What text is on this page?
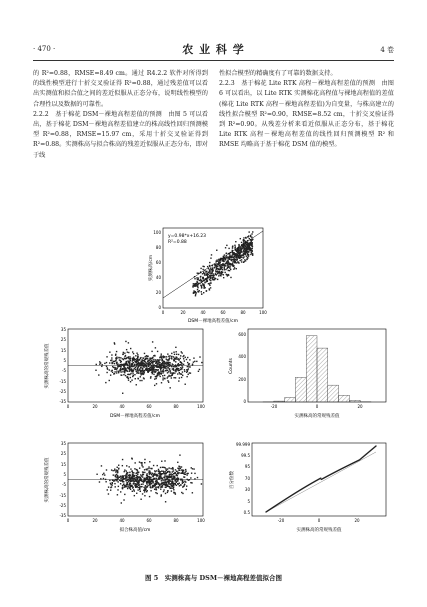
· 470 ·	农 业 科 学	4 卷

的 R²=0.88，RMSE=8.49 cm。通过 R4.2.2 软件对所得到的线性模型进行十折交叉验证得 R²=0.88，通过残差值可以看出实测值和拟合值之间的差近似服从正态分布，说明线性模型的合理性以及数据的可靠性。

2.2.2　基于棉花 DSM－裸地高程差值的预测　由图 5 可以看出，基于棉花 DSM－裸地高程差值建立的株高线性回归预测模型 R²=0.88，RMSE=15.97 cm，采用十折交叉验证得到 R²=0.88。实测株高与拟合株高的残差近似服从正态分布，即对于线

性拟合模型的精确度有了可靠的数据支持。

2.2.3　基于棉花 Lite RTK 高程－裸地高程差值的预测　由图 6 可以看出，以 Lite RTK 实测棉花高程值与裸地高程值的差值(棉花 Lite RTK 高程－裸地高程差值)为自变量，与株高建立的线性拟合模型 R²=0.90，RMSE=8.52 cm，十折交叉验证得到 R²=0.90。从残差分析来看近似服从正态分布，基于棉花 Lite RTK 高程－裸地高程差值的线性回归预测模型 R² 和 RMSE 均略高于基于棉花 DSM 值的模型。

y=0.98*x+16.23
R²=0.88
0	20	40	60	80	100
0
20
40
60
80
100
DSM－裸地高程差值/cm
实测株高/cm
35
25
15
5
-5
-15
-25
-35
0	20	40	60	80	100
DSM－裸地高程差值/cm
实测株高的常规残差值
0
200
400
600
-20	0	20
实测株高的常规残差值
Counts
35
25
15
5
-5
-15
-25
-35
0	20	40	60	80	100
拟合株高值/cm
实测株高的常规残差值
99.999
99.5
95
70
30
5
0.5
-20	0	20
实测株高的常规残差值
百分位数
图 5　实测株高与 DSM－裸地高程差值拟合图
